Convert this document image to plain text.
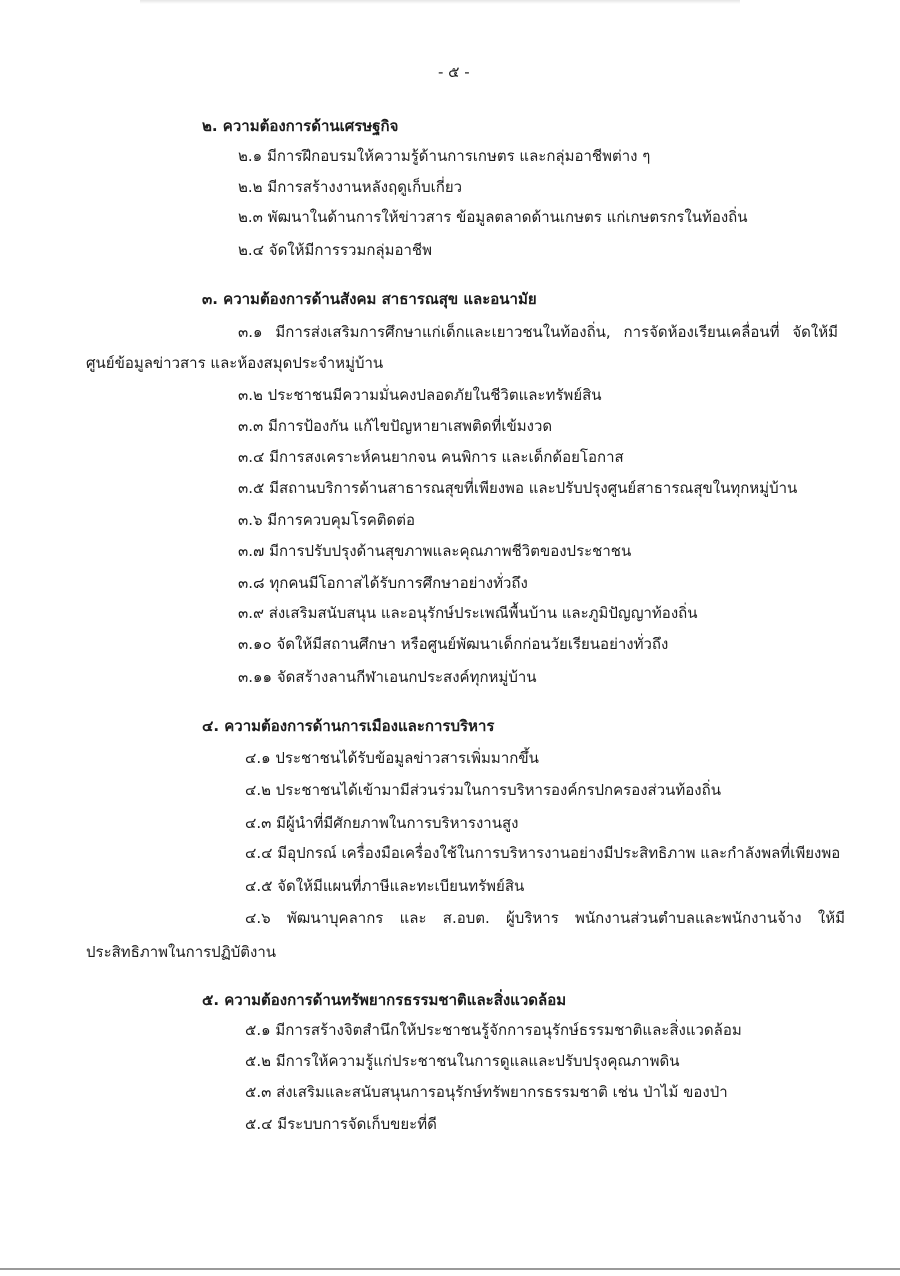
- ๕ -
๒. ความต้องการด้านเศรษฐกิจ
๒.๑ มีการฝึกอบรมให้ความรู้ด้านการเกษตร และกลุ่มอาชีพต่าง ๆ
๒.๒ มีการสร้างงานหลังฤดูเก็บเกี่ยว
๒.๓ พัฒนาในด้านการให้ข่าวสาร ข้อมูลตลาดด้านเกษตร แก่เกษตรกรในท้องถิ่น
๒.๔ จัดให้มีการรวมกลุ่มอาชีพ
๓. ความต้องการด้านสังคม สาธารณสุข และอนามัย
๓.๑ มีการส่งเสริมการศึกษาแก่เด็กและเยาวชนในท้องถิ่น, การจัดห้องเรียนเคลื่อนที่ จัดให้มี
ศูนย์ข้อมูลข่าวสาร และห้องสมุดประจำหมู่บ้าน
๓.๒ ประชาชนมีความมั่นคงปลอดภัยในชีวิตและทรัพย์สิน
๓.๓ มีการป้องกัน แก้ไขปัญหายาเสพติดที่เข้มงวด
๓.๔ มีการสงเคราะห์คนยากจน คนพิการ และเด็กด้อยโอกาส
๓.๕ มีสถานบริการด้านสาธารณสุขที่เพียงพอ และปรับปรุงศูนย์สาธารณสุขในทุกหมู่บ้าน
๓.๖ มีการควบคุมโรคติดต่อ
๓.๗ มีการปรับปรุงด้านสุขภาพและคุณภาพชีวิตของประชาชน
๓.๘ ทุกคนมีโอกาสได้รับการศึกษาอย่างทั่วถึง
๓.๙ ส่งเสริมสนับสนุน และอนุรักษ์ประเพณีพื้นบ้าน และภูมิปัญญาท้องถิ่น
๓.๑๐ จัดให้มีสถานศึกษา หรือศูนย์พัฒนาเด็กก่อนวัยเรียนอย่างทั่วถึง
๓.๑๑ จัดสร้างลานกีฬาเอนกประสงค์ทุกหมู่บ้าน
๔. ความต้องการด้านการเมืองและการบริหาร
๔.๑ ประชาชนได้รับข้อมูลข่าวสารเพิ่มมากขึ้น
๔.๒ ประชาชนได้เข้ามามีส่วนร่วมในการบริหารองค์กรปกครองส่วนท้องถิ่น
๔.๓ มีผู้นำที่มีศักยภาพในการบริหารงานสูง
๔.๔ มีอุปกรณ์ เครื่องมือเครื่องใช้ในการบริหารงานอย่างมีประสิทธิภาพ และกำลังพลที่เพียงพอ
๔.๕ จัดให้มีแผนที่ภาษีและทะเบียนทรัพย์สิน
๔.๖ พัฒนาบุคลากร และ ส.อบต. ผู้บริหาร พนักงานส่วนตำบลและพนักงานจ้าง ให้มี
ประสิทธิภาพในการปฏิบัติงาน
๕. ความต้องการด้านทรัพยากรธรรมชาติและสิ่งแวดล้อม
๕.๑ มีการสร้างจิตสำนึกให้ประชาชนรู้จักการอนุรักษ์ธรรมชาติและสิ่งแวดล้อม
๕.๒ มีการให้ความรู้แก่ประชาชนในการดูแลและปรับปรุงคุณภาพดิน
๕.๓ ส่งเสริมและสนับสนุนการอนุรักษ์ทรัพยากรธรรมชาติ เช่น ป่าไม้ ของป่า
๕.๔ มีระบบการจัดเก็บขยะที่ดี
